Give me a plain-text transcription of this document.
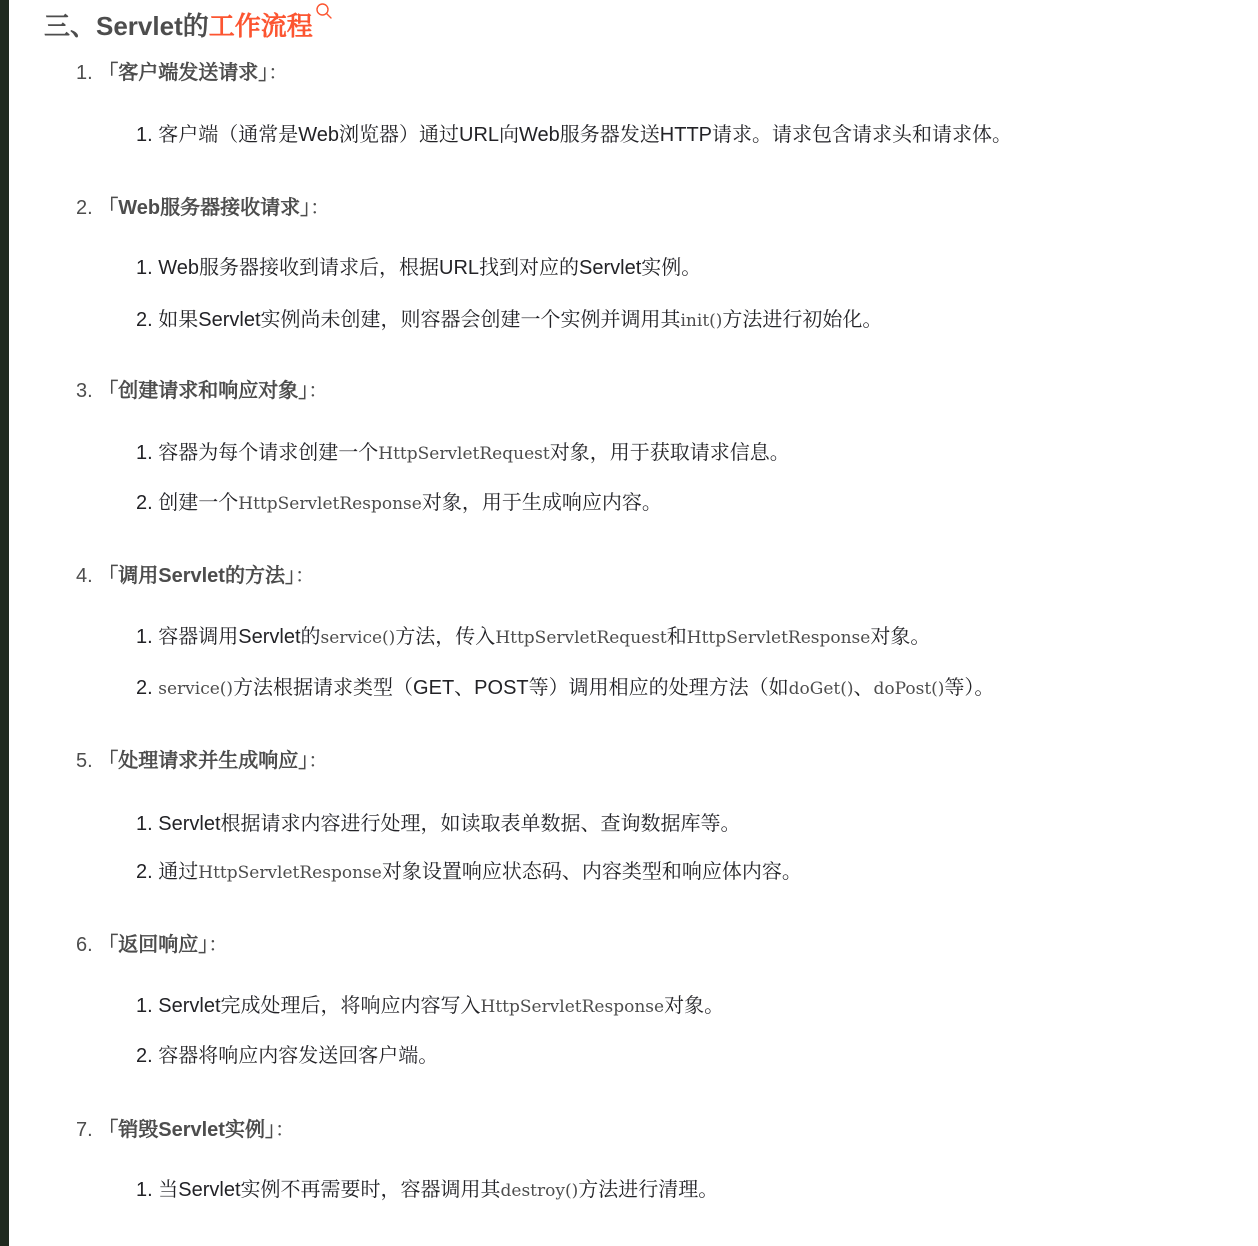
三、Servlet的工作流程
1. 「客户端发送请求」：
1. 客户端（通常是Web浏览器）通过URL向Web服务器发送HTTP请求。请求包含请求头和请求体。
2. 「Web服务器接收请求」：
1. Web服务器接收到请求后，根据URL找到对应的Servlet实例。
2. 如果Servlet实例尚未创建，则容器会创建一个实例并调用其init()方法进行初始化。
3. 「创建请求和响应对象」：
1. 容器为每个请求创建一个HttpServletRequest对象，用于获取请求信息。
2. 创建一个HttpServletResponse对象，用于生成响应内容。
4. 「调用Servlet的方法」：
1. 容器调用Servlet的service()方法，传入HttpServletRequest和HttpServletResponse对象。
2. service()方法根据请求类型（GET、POST等）调用相应的处理方法（如doGet()、doPost()等）。
5. 「处理请求并生成响应」：
1. Servlet根据请求内容进行处理，如读取表单数据、查询数据库等。
2. 通过HttpServletResponse对象设置响应状态码、内容类型和响应体内容。
6. 「返回响应」：
1. Servlet完成处理后，将响应内容写入HttpServletResponse对象。
2. 容器将响应内容发送回客户端。
7. 「销毁Servlet实例」：
1. 当Servlet实例不再需要时，容器调用其destroy()方法进行清理。
